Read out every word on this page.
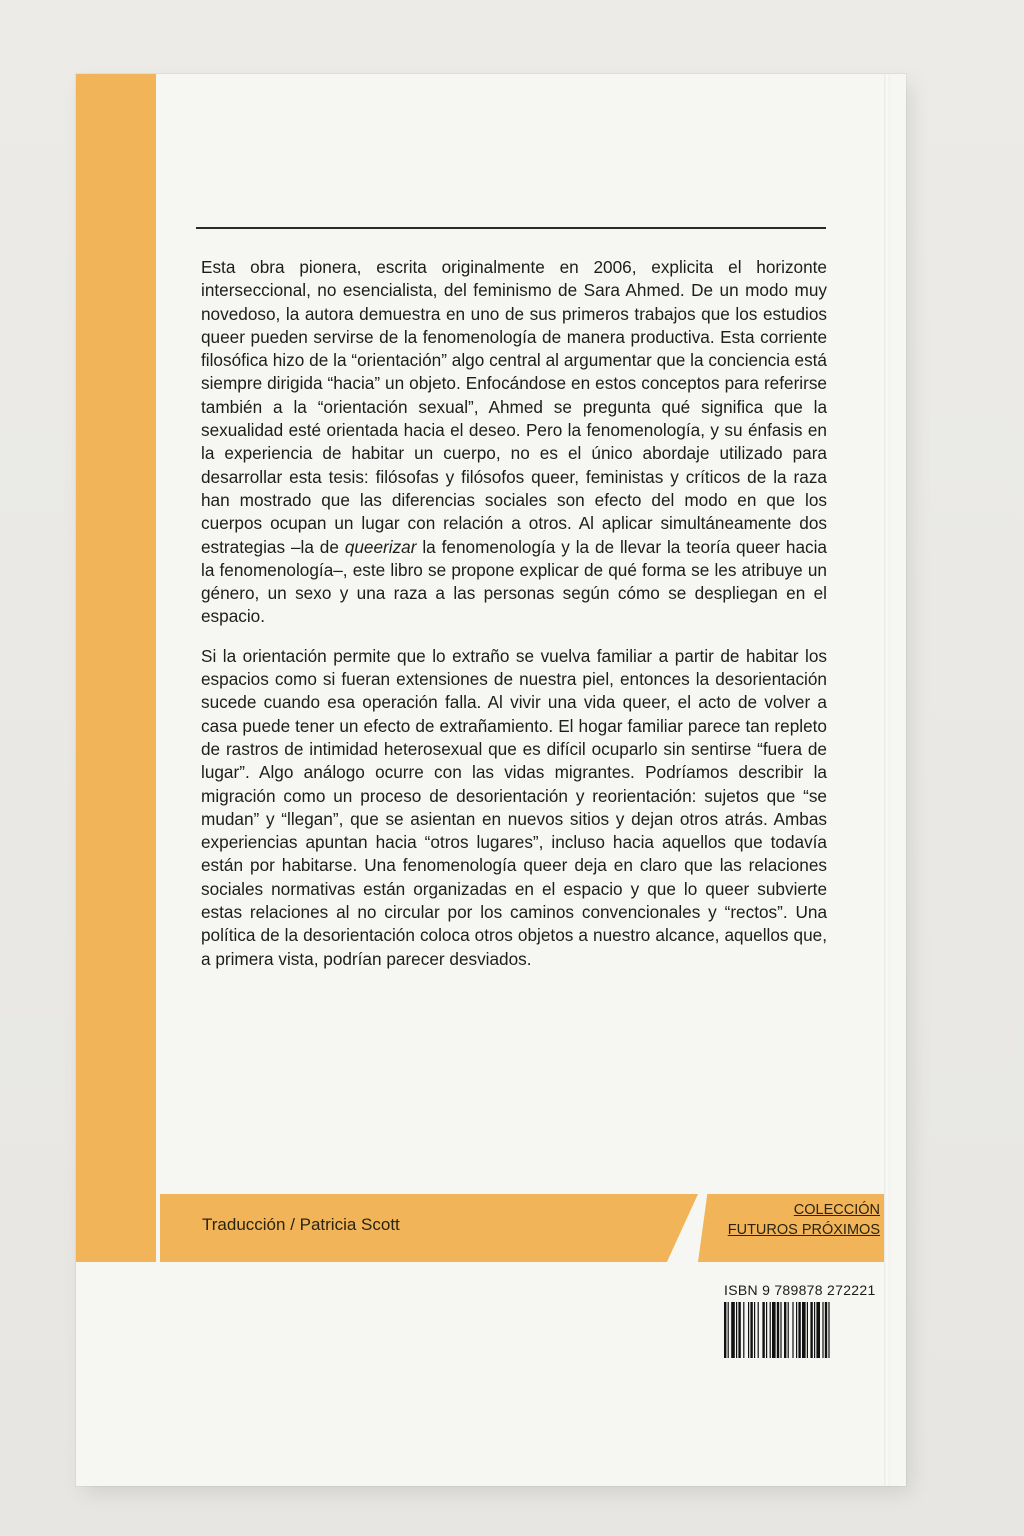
Esta obra pionera, escrita originalmente en 2006, explicita el horizonte interseccional, no esencialista, del feminismo de Sara Ahmed. De un modo muy novedoso, la autora demuestra en uno de sus primeros trabajos que los estudios queer pueden servirse de la fenomenología de manera productiva. Esta corriente filosófica hizo de la “orientación” algo central al argumentar que la conciencia está siempre dirigida “hacia” un objeto. Enfocándose en estos conceptos para referirse también a la “orientación sexual”, Ahmed se pregunta qué significa que la sexualidad esté orientada hacia el deseo. Pero la fenomenología, y su énfasis en la experiencia de habitar un cuerpo, no es el único abordaje utilizado para desarrollar esta tesis: filósofas y filósofos queer, feministas y críticos de la raza han mostrado que las diferencias sociales son efecto del modo en que los cuerpos ocupan un lugar con relación a otros. Al aplicar simultáneamente dos estrategias –la de queerizar la fenomenología y la de llevar la teoría queer hacia la fenomenología–, este libro se propone explicar de qué forma se les atribuye un género, un sexo y una raza a las personas según cómo se despliegan en el espacio.

Si la orientación permite que lo extraño se vuelva familiar a partir de habitar los espacios como si fueran extensiones de nuestra piel, entonces la desorientación sucede cuando esa operación falla. Al vivir una vida queer, el acto de volver a casa puede tener un efecto de extrañamiento. El hogar familiar parece tan repleto de rastros de intimidad heterosexual que es difícil ocuparlo sin sentirse “fuera de lugar”. Algo análogo ocurre con las vidas migrantes. Podríamos describir la migración como un proceso de desorientación y reorientación: sujetos que “se mudan” y “llegan”, que se asientan en nuevos sitios y dejan otros atrás. Ambas experiencias apuntan hacia “otros lugares”, incluso hacia aquellos que todavía están por habitarse. Una fenomenología queer deja en claro que las relaciones sociales normativas están organizadas en el espacio y que lo queer subvierte estas relaciones al no circular por los caminos convencionales y “rectos”. Una política de la desorientación coloca otros objetos a nuestro alcance, aquellos que, a primera vista, podrían parecer desviados.

Traducción / Patricia Scott
COLECCIÓN
FUTUROS PRÓXIMOS
ISBN 9 789878 272221
